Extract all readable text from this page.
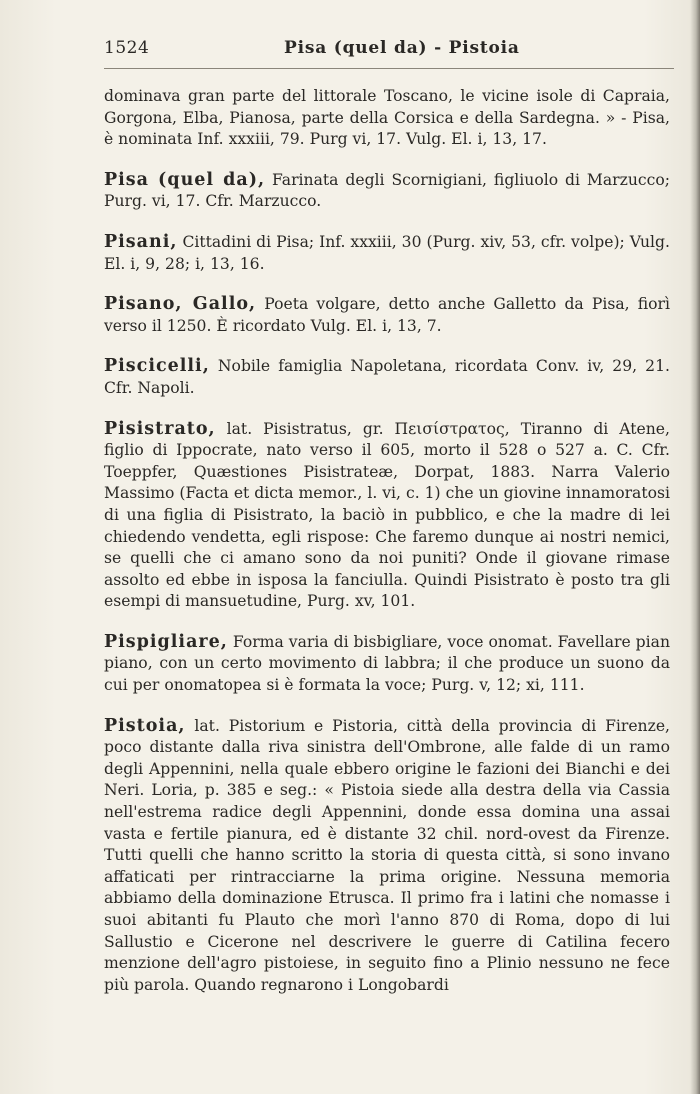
1524	Pisa (quel da) - Pistoia

dominava gran parte del littorale Toscano, le vicine isole di Capraia, Gorgona, Elba, Pianosa, parte della Corsica e della Sardegna. » - Pisa, è nominata Inf. xxxiii, 79. Purg vi, 17. Vulg. El. i, 13, 17.

Pisa (quel da), Farinata degli Scornigiani, figliuolo di Marzucco; Purg. vi, 17. Cfr. Marzucco.

Pisani, Cittadini di Pisa; Inf. xxxiii, 30 (Purg. xiv, 53, cfr. volpe); Vulg. El. i, 9, 28; i, 13, 16.

Pisano, Gallo, Poeta volgare, detto anche Galletto da Pisa, fiorì verso il 1250. È ricordato Vulg. El. i, 13, 7.

Piscicelli, Nobile famiglia Napoletana, ricordata Conv. iv, 29, 21. Cfr. Napoli.

Pisistrato, lat. Pisistratus, gr. Πεισίστρατος, Tiranno di Atene, figlio di Ippocrate, nato verso il 605, morto il 528 o 527 a. C. Cfr. Toeppfer, Quæstiones Pisistrateæ, Dorpat, 1883. Narra Valerio Massimo (Facta et dicta memor., l. vi, c. 1) che un giovine innamoratosi di una figlia di Pisistrato, la baciò in pubblico, e che la madre di lei chiedendo vendetta, egli rispose: Che faremo dunque ai nostri nemici, se quelli che ci amano sono da noi puniti? Onde il giovane rimase assolto ed ebbe in isposa la fanciulla. Quindi Pisistrato è posto tra gli esempi di mansuetudine, Purg. xv, 101.

Pispigliare, Forma varia di bisbigliare, voce onomat. Favellare pian piano, con un certo movimento di labbra; il che produce un suono da cui per onomatopea si è formata la voce; Purg. v, 12; xi, 111.

Pistoia, lat. Pistorium e Pistoria, città della provincia di Firenze, poco distante dalla riva sinistra dell'Ombrone, alle falde di un ramo degli Appennini, nella quale ebbero origine le fazioni dei Bianchi e dei Neri. Loria, p. 385 e seg.: « Pistoia siede alla destra della via Cassia nell'estrema radice degli Appennini, donde essa domina una assai vasta e fertile pianura, ed è distante 32 chil. nord-ovest da Firenze. Tutti quelli che hanno scritto la storia di questa città, si sono invano affaticati per rintracciarne la prima origine. Nessuna memoria abbiamo della dominazione Etrusca. Il primo fra i latini che nomasse i suoi abitanti fu Plauto che morì l'anno 870 di Roma, dopo di lui Sallustio e Cicerone nel descrivere le guerre di Catilina fecero menzione dell'agro pistoiese, in seguito fino a Plinio nessuno ne fece più parola. Quando regnarono i Longobardi
